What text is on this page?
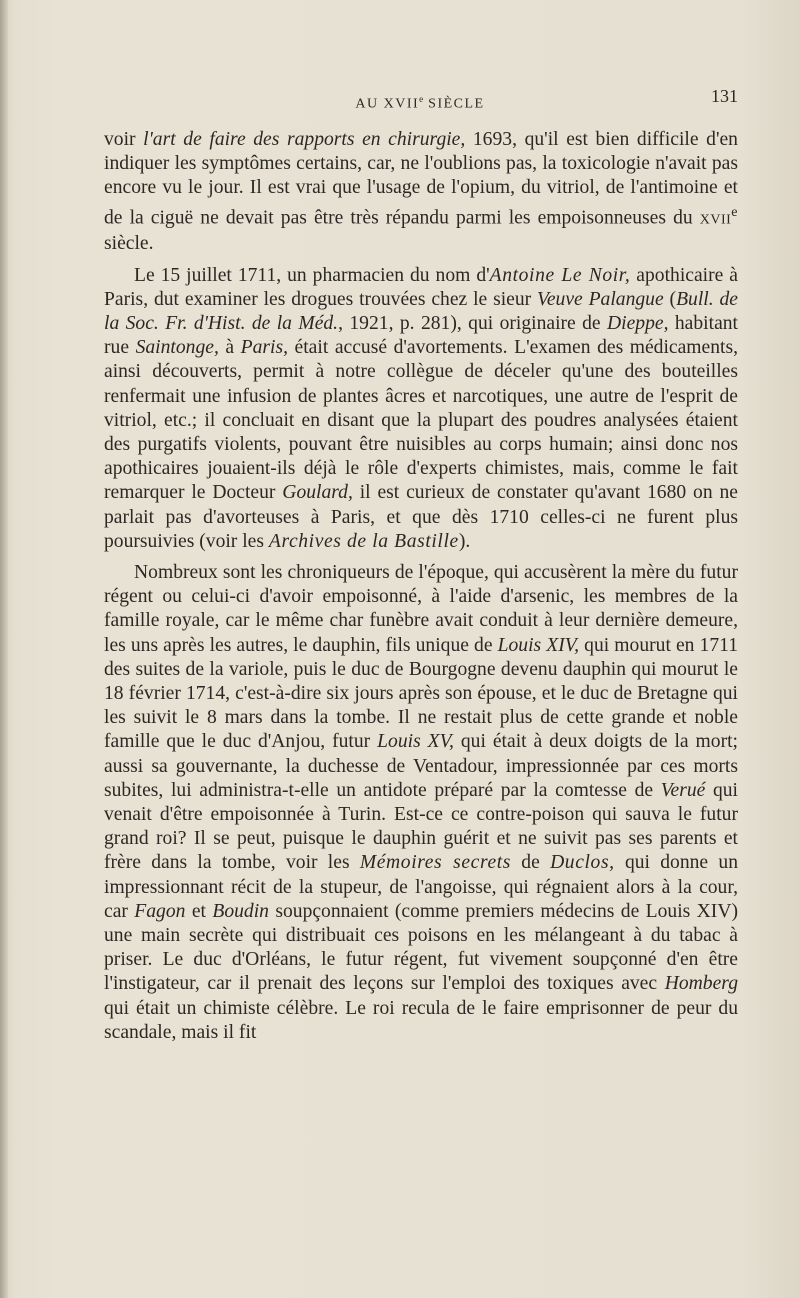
AU XVIIe SIÈCLE	131

voir l'art de faire des rapports en chirurgie, 1693, qu'il est bien difficile d'en indiquer les symptômes certains, car, ne l'oublions pas, la toxicologie n'avait pas encore vu le jour. Il est vrai que l'usage de l'opium, du vitriol, de l'antimoine et de la ciguë ne devait pas être très répandu parmi les empoisonneuses du XVIIe siècle.

Le 15 juillet 1711, un pharmacien du nom d'Antoine Le Noir, apothicaire à Paris, dut examiner les drogues trouvées chez le sieur Veuve Palangue (Bull. de la Soc. Fr. d'Hist. de la Méd., 1921, p. 281), qui originaire de Dieppe, habitant rue Saintonge, à Paris, était accusé d'avortements. L'examen des médicaments, ainsi découverts, permit à notre collègue de déceler qu'une des bouteilles renfermait une infusion de plantes âcres et narcotiques, une autre de l'esprit de vitriol, etc.; il concluait en disant que la plupart des poudres analysées étaient des purgatifs violents, pouvant être nuisibles au corps humain; ainsi donc nos apothicaires jouaient-ils déjà le rôle d'experts chimistes, mais, comme le fait remarquer le Docteur Goulard, il est curieux de constater qu'avant 1680 on ne parlait pas d'avorteuses à Paris, et que dès 1710 celles-ci ne furent plus poursuivies (voir les Archives de la Bastille).

Nombreux sont les chroniqueurs de l'époque, qui accusèrent la mère du futur régent ou celui-ci d'avoir empoisonné, à l'aide d'arsenic, les membres de la famille royale, car le même char funèbre avait conduit à leur dernière demeure, les uns après les autres, le dauphin, fils unique de Louis XIV, qui mourut en 1711 des suites de la variole, puis le duc de Bourgogne devenu dauphin qui mourut le 18 février 1714, c'est-à-dire six jours après son épouse, et le duc de Bretagne qui les suivit le 8 mars dans la tombe. Il ne restait plus de cette grande et noble famille que le duc d'Anjou, futur Louis XV, qui était à deux doigts de la mort; aussi sa gouvernante, la duchesse de Ventadour, impressionnée par ces morts subites, lui administra-t-elle un antidote préparé par la comtesse de Verué qui venait d'être empoisonnée à Turin. Est-ce ce contre-poison qui sauva le futur grand roi? Il se peut, puisque le dauphin guérit et ne suivit pas ses parents et frère dans la tombe, voir les Mémoires secrets de Duclos, qui donne un impressionnant récit de la stupeur, de l'angoisse, qui régnaient alors à la cour, car Fagon et Boudin soupçonnaient (comme premiers médecins de Louis XIV) une main secrète qui distribuait ces poisons en les mélangeant à du tabac à priser. Le duc d'Orléans, le futur régent, fut vivement soupçonné d'en être l'instigateur, car il prenait des leçons sur l'emploi des toxiques avec Homberg qui était un chimiste célèbre. Le roi recula de le faire emprisonner de peur du scandale, mais il fit
